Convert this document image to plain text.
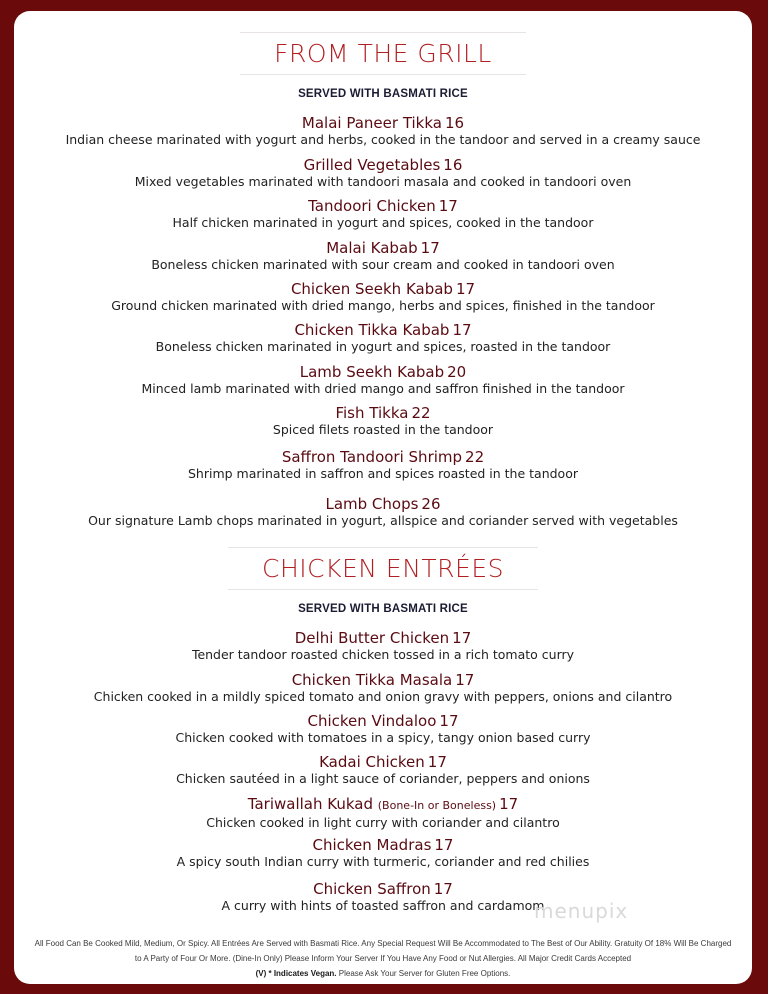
FROM THE GRILL
SERVED WITH BASMATI RICE
Malai Paneer Tikka 16
Indian cheese marinated with yogurt and herbs, cooked in the tandoor and served in a creamy sauce
Grilled Vegetables 16
Mixed vegetables marinated with tandoori masala and cooked in tandoori oven
Tandoori Chicken 17
Half chicken marinated in yogurt and spices, cooked in the tandoor
Malai Kabab 17
Boneless chicken marinated with sour cream and cooked in tandoori oven
Chicken Seekh Kabab 17
Ground chicken marinated with dried mango, herbs and spices, finished in the tandoor
Chicken Tikka Kabab 17
Boneless chicken marinated in yogurt and spices, roasted in the tandoor
Lamb Seekh Kabab 20
Minced lamb marinated with dried mango and saffron finished in the tandoor
Fish Tikka 22
Spiced filets roasted in the tandoor
Saffron Tandoori Shrimp 22
Shrimp marinated in saffron and spices roasted in the tandoor
Lamb Chops 26
Our signature Lamb chops marinated in yogurt, allspice and coriander served with vegetables
CHICKEN ENTRÉES
SERVED WITH BASMATI RICE
Delhi Butter Chicken 17
Tender tandoor roasted chicken tossed in a rich tomato curry
Chicken Tikka Masala 17
Chicken cooked in a mildly spiced tomato and onion gravy with peppers, onions and cilantro
Chicken Vindaloo 17
Chicken cooked with tomatoes in a spicy, tangy onion based curry
Kadai Chicken 17
Chicken sautéed in a light sauce of coriander, peppers and onions
Tariwallah Kukad (Bone-In or Boneless) 17
Chicken cooked in light curry with coriander and cilantro
Chicken Madras 17
A spicy south Indian curry with turmeric, coriander and red chilies
Chicken Saffron 17
A curry with hints of toasted saffron and cardamom
menupix
All Food Can Be Cooked Mild, Medium, Or Spicy. All Entrées Are Served with Basmati Rice. Any Special Request Will Be Accommodated to The Best of Our Ability. Gratuity Of 18% Will Be Charged
to A Party of Four Or More. (Dine-In Only) Please Inform Your Server If You Have Any Food or Nut Allergies. All Major Credit Cards Accepted
(V) * Indicates Vegan. Please Ask Your Server for Gluten Free Options.
